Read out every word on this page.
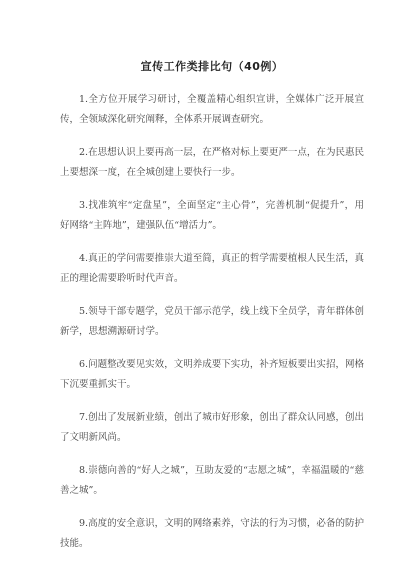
宣传工作类排比句（40例）

1.全方位开展学习研讨，全覆盖精心组织宣讲，全媒体广泛开展宣传，全领域深化研究阐释，全体系开展调查研究。

2.在思想认识上要再高一层，在严格对标上要更严一点，在为民惠民上要想深一度，在全城创建上要快行一步。

3.找准筑牢“定盘星”，全面坚定“主心骨”，完善机制“促提升”，用好网络“主阵地”，建强队伍“增活力”。

4.真正的学问需要推崇大道至简，真正的哲学需要植根人民生活，真正的理论需要聆听时代声音。

5.领导干部专题学，党员干部示范学，线上线下全员学，青年群体创新学，思想溯源研讨学。

6.问题整改要见实效，文明养成要下实功，补齐短板要出实招，网格下沉要重抓实干。

7.创出了发展新业绩，创出了城市好形象，创出了群众认同感，创出了文明新风尚。

8.崇德向善的“好人之城”，互助友爱的“志愿之城”，幸福温暖的“慈善之城”。

9.高度的安全意识，文明的网络素养，守法的行为习惯，必备的防护技能。
